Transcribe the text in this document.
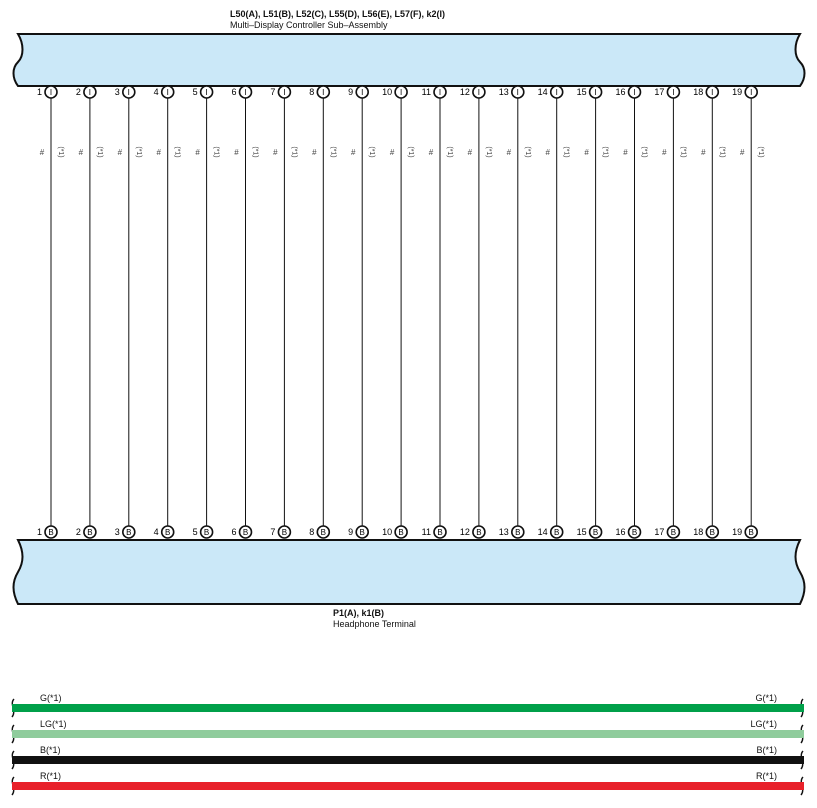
L50(A), L51(B), L52(C), L55(D), L56(E), L57(F), k2(I)
Multi–Display Controller Sub–Assembly
P1(A), k1(B)
Headphone Terminal
1 I
1 B
# (*1)
2 I
2 B
# (*1)
3 I
3 B
# (*1)
4 I
4 B
# (*1)
5 I
5 B
# (*1)
6 I
6 B
# (*1)
7 I
7 B
# (*1)
8 I
8 B
# (*1)
9 I
9 B
# (*1)
10 I
10 B
# (*1)
11 I
11 B
# (*1)
12 I
12 B
# (*1)
13 I
13 B
# (*1)
14 I
14 B
# (*1)
15 I
15 B
# (*1)
16 I
16 B
# (*1)
17 I
17 B
# (*1)
18 I
18 B
# (*1)
19 I
19 B
# (*1)
G(*1)	G(*1)
LG(*1)	LG(*1)
B(*1)	B(*1)
R(*1)	R(*1)
